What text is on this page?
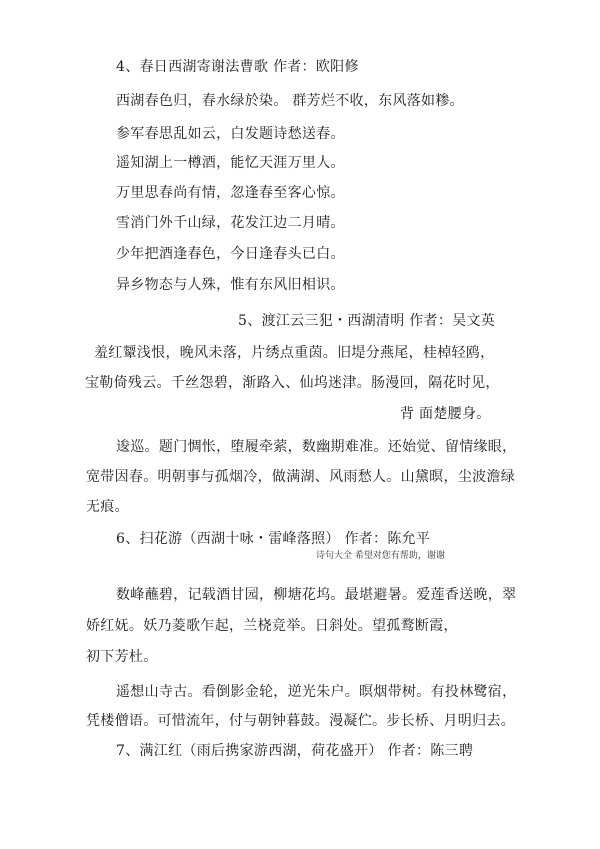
4、春日西湖寄谢法曹歌 作者：欧阳修
西湖春色归，春水绿於染。 群芳烂不收，东风落如糁。
参军春思乱如云，白发题诗愁送春。
遥知湖上一樽酒，能忆天涯万里人。
万里思春尚有情，忽逢春至客心惊。
雪消门外千山绿，花发江边二月晴。
少年把酒逢春色，今日逢春头已白。
异乡物态与人殊，惟有东风旧相识。
5、渡江云三犯・西湖清明 作者：吴文英
羞红颦浅恨，晚风未落，片绣点重茵。旧堤分燕尾，桂棹轻鸥，
宝勒倚残云。千丝怨碧，渐路入、仙坞迷津。肠漫回，隔花时见，
背 面楚腰身。
逡巡。题门惆怅，堕履牵萦，数幽期难准。还始觉、留情缘眼，
宽带因春。明朝事与孤烟冷，做满湖、风雨愁人。山黛暝，尘波澹绿
无痕。
6、扫花游（西湖十咏・雷峰落照） 作者：陈允平
诗句大全 希望对您有帮助，谢谢
数峰蘸碧，记载酒甘园，柳塘花坞。最堪避暑。爱莲香送晚，翠
娇红妩。妖乃菱歌乍起，兰桡竞举。日斜处。望孤鹜断霞，
初下芳杜。
遥想山寺古。看倒影金轮，逆光朱户。暝烟带树。有投林鹭宿，
凭楼僧语。可惜流年，付与朝钟暮鼓。漫凝伫。步长桥、月明归去。
7、满江红（雨后携家游西湖，荷花盛开） 作者：陈三聘
